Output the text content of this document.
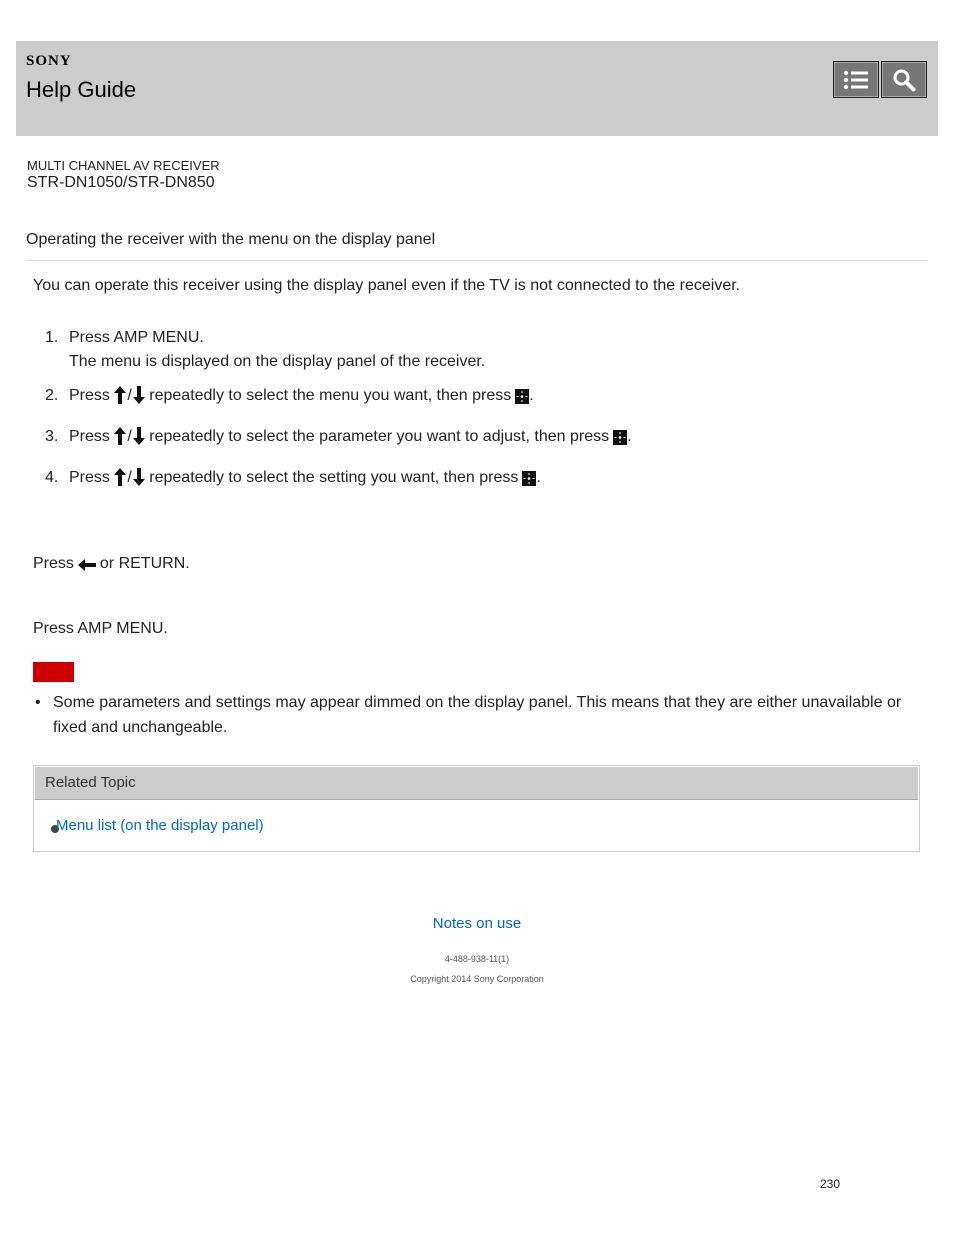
SONY
Help Guide
MULTI CHANNEL AV RECEIVER
STR-DN1050/STR-DN850
Operating the receiver with the menu on the display panel
You can operate this receiver using the display panel even if the TV is not connected to the receiver.
1. Press AMP MENU.
The menu is displayed on the display panel of the receiver.
2. Press / repeatedly to select the menu you want, then press .
3. Press / repeatedly to select the parameter you want to adjust, then press .
4. Press / repeatedly to select the setting you want, then press .
Press or RETURN.
Press AMP MENU.
• Some parameters and settings may appear dimmed on the display panel. This means that they are either unavailable or fixed and unchangeable.
Related Topic
Menu list (on the display panel)
Notes on use
4-488-938-11(1)
Copyright 2014 Sony Corporation
230
